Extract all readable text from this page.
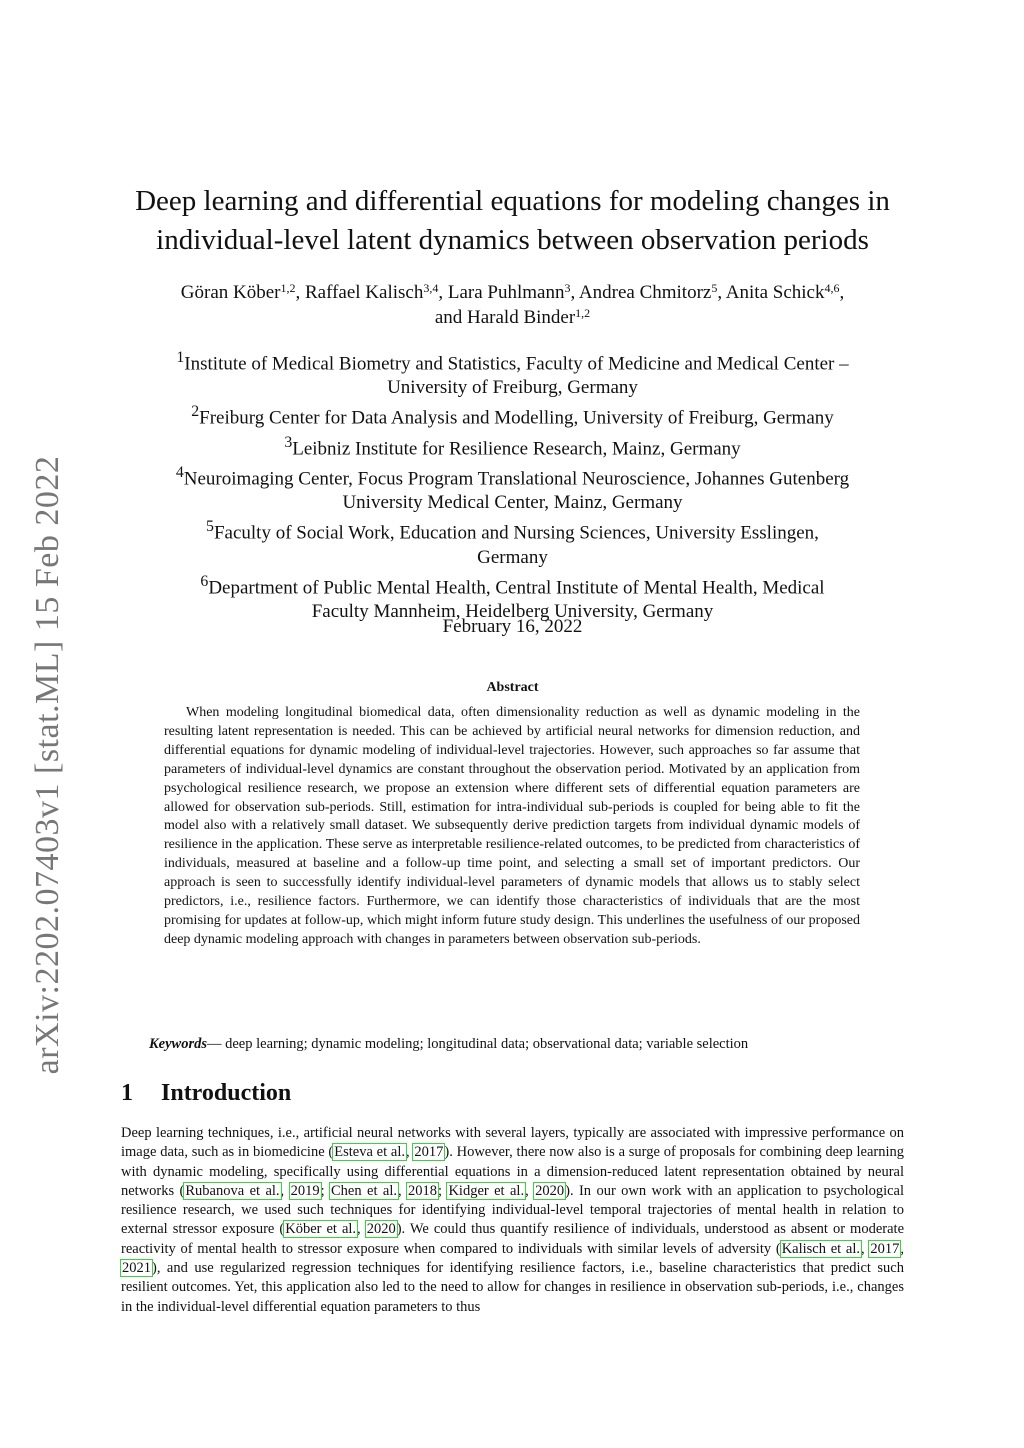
arXiv:2202.07403v1 [stat.ML] 15 Feb 2022
Deep learning and differential equations for modeling changes in
individual-level latent dynamics between observation periods
Göran Köber$^{1,2}$, Raffael Kalisch$^{3,4}$, Lara Puhlmann$^3$, Andrea Chmitorz$^5$, Anita Schick$^{4,6}$,
and Harald Binder$^{1,2}$
$^1$Institute of Medical Biometry and Statistics, Faculty of Medicine and Medical Center –
University of Freiburg, Germany
$^2$Freiburg Center for Data Analysis and Modelling, University of Freiburg, Germany
$^3$Leibniz Institute for Resilience Research, Mainz, Germany
$^4$Neuroimaging Center, Focus Program Translational Neuroscience, Johannes Gutenberg
University Medical Center, Mainz, Germany
$^5$Faculty of Social Work, Education and Nursing Sciences, University Esslingen,
Germany
$^6$Department of Public Mental Health, Central Institute of Mental Health, Medical
Faculty Mannheim, Heidelberg University, Germany
February 16, 2022
Abstract

When modeling longitudinal biomedical data, often dimensionality reduction as well as dynamic modeling in the resulting latent representation is needed. This can be achieved by artificial neural networks for dimension reduction, and differential equations for dynamic modeling of individual-level trajectories. However, such approaches so far assume that parameters of individual-level dynamics are constant throughout the observation period. Motivated by an application from psychological resilience research, we propose an extension where different sets of differential equation parameters are allowed for observation sub-periods. Still, estimation for intra-individual sub-periods is coupled for being able to fit the model also with a relatively small dataset. We subsequently derive prediction targets from individual dynamic models of resilience in the application. These serve as interpretable resilience-related outcomes, to be predicted from characteristics of individuals, measured at baseline and a follow-up time point, and selecting a small set of important predictors. Our approach is seen to successfully identify individual-level parameters of dynamic models that allows us to stably select predictors, i.e., resilience factors. Furthermore, we can identify those characteristics of individuals that are the most promising for updates at follow-up, which might inform future study design. This underlines the usefulness of our proposed deep dynamic modeling approach with changes in parameters between observation sub-periods.

Keywords— deep learning; dynamic modeling; longitudinal data; observational data; variable selection
1 Introduction

Deep learning techniques, i.e., artificial neural networks with several layers, typically are associated with impressive performance on image data, such as in biomedicine (Esteva et al., 2017). However, there now also is a surge of proposals for combining deep learning with dynamic modeling, specifically using differential equations in a dimension-reduced latent representation obtained by neural networks (Rubanova et al., 2019; Chen et al., 2018; Kidger et al., 2020). In our own work with an application to psychological resilience research, we used such techniques for identifying individual-level temporal trajectories of mental health in relation to external stressor exposure (Köber et al., 2020). We could thus quantify resilience of individuals, understood as absent or moderate reactivity of mental health to stressor exposure when compared to individuals with similar levels of adversity (Kalisch et al., 2017, 2021), and use regularized regression techniques for identifying resilience factors, i.e., baseline characteristics that predict such resilient outcomes. Yet, this application also led to the need to allow for changes in resilience in observation sub-periods, i.e., changes in the individual-level differential equation parameters to thus
